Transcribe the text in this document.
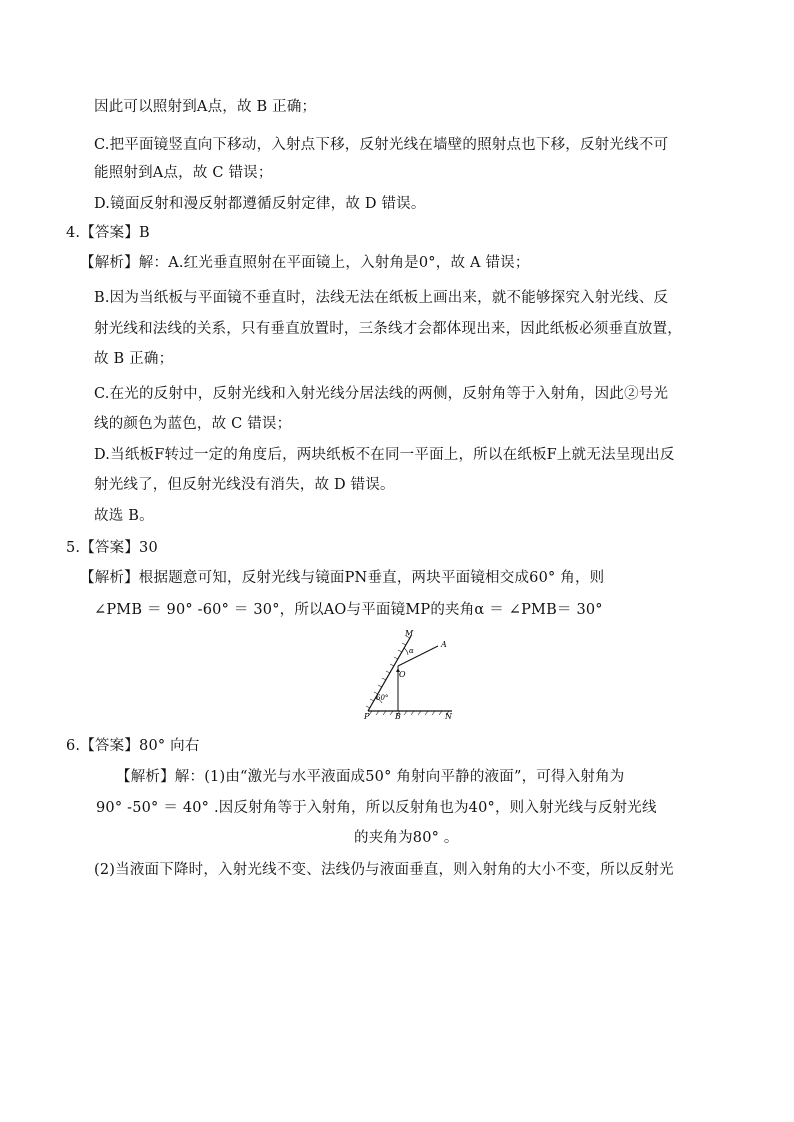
因此可以照射到A点，故 B 正确；
C.把平面镜竖直向下移动，入射点下移，反射光线在墙壁的照射点也下移，反射光线不可
能照射到A点，故 C 错误；
D.镜面反射和漫反射都遵循反射定律，故 D 错误。
4.【答案】B
【解析】解：A.红光垂直照射在平面镜上，入射角是0°，故 A 错误；
B.因为当纸板与平面镜不垂直时，法线无法在纸板上画出来，就不能够探究入射光线、反
射光线和法线的关系，只有垂直放置时，三条线才会都体现出来，因此纸板必须垂直放置，
故 B 正确；
C.在光的反射中，反射光线和入射光线分居法线的两侧，反射角等于入射角，因此②号光
线的颜色为蓝色，故 C 错误；
D.当纸板F转过一定的角度后，两块纸板不在同一平面上，所以在纸板F上就无法呈现出反
射光线了，但反射光线没有消失，故 D 错误。
故选 B。
5.【答案】30
【解析】根据题意可知，反射光线与镜面PN垂直，两块平面镜相交成60° 角，则
∠PMB ＝ 90° -60° ＝ 30°，所以AO与平面镜MP的夹角α ＝ ∠PMB＝ 30°
M
A
α
O
60°
P	B	N
6.【答案】80° 向右
【解析】解：(1)由“激光与水平液面成50° 角射向平静的液面”，可得入射角为
90° -50° ＝ 40° .因反射角等于入射角，所以反射角也为40°，则入射光线与反射光线
的夹角为80° 。
(2)当液面下降时，入射光线不变、法线仍与液面垂直，则入射角的大小不变，所以反射光
